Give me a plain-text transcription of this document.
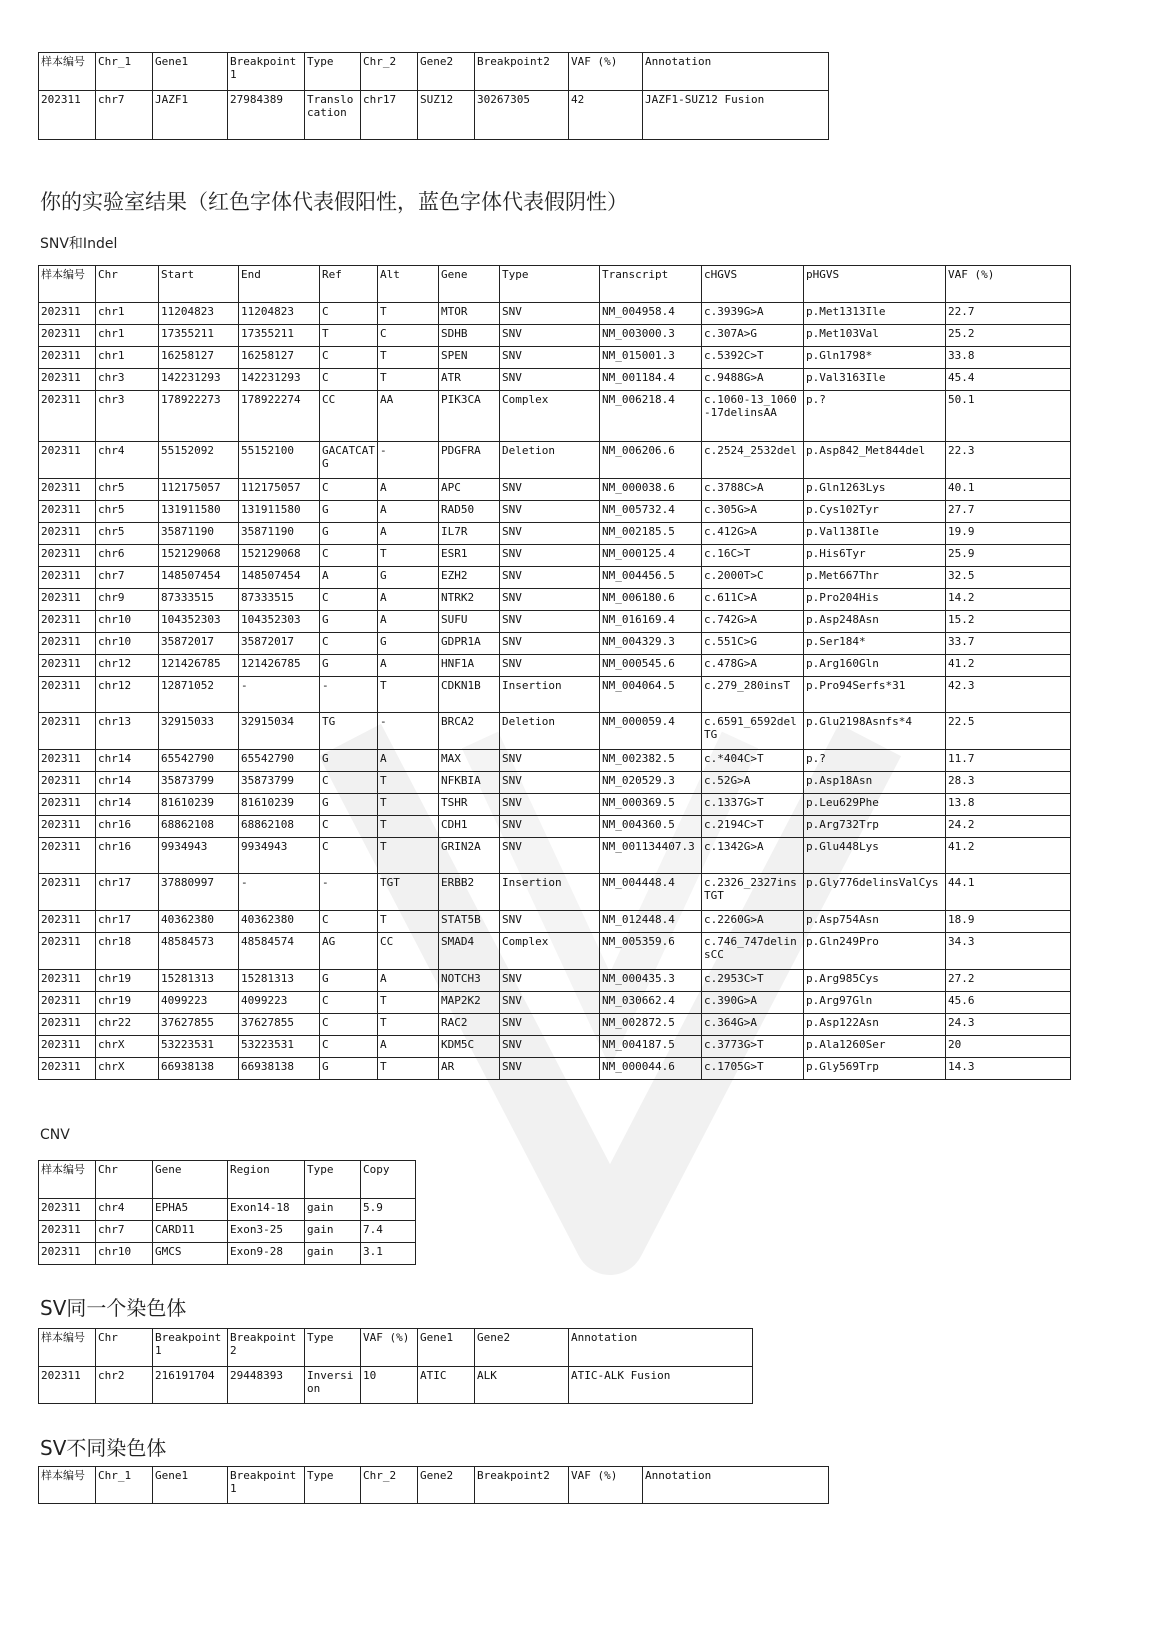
样本编号	Chr_1	Gene1	Breakpoint1	Type	Chr_2	Gene2	Breakpoint2	VAF (%)	Annotation
202311	chr7	JAZF1	27984389	Translocation	chr17	SUZ12	30267305	42	JAZF1-SUZ12 Fusion
你的实验室结果（红色字体代表假阳性，蓝色字体代表假阴性）
SNV和Indel
样本编号	Chr	Start	End	Ref	Alt	Gene	Type	Transcript	cHGVS	pHGVS	VAF (%)
202311	chr1	11204823	11204823	C	T	MTOR	SNV	NM_004958.4	c.3939G>A	p.Met1313Ile	22.7
202311	chr1	17355211	17355211	T	C	SDHB	SNV	NM_003000.3	c.307A>G	p.Met103Val	25.2
202311	chr1	16258127	16258127	C	T	SPEN	SNV	NM_015001.3	c.5392C>T	p.Gln1798*	33.8
202311	chr3	142231293	142231293	C	T	ATR	SNV	NM_001184.4	c.9488G>A	p.Val3163Ile	45.4
202311	chr3	178922273	178922274	CC	AA	PIK3CA	Complex	NM_006218.4	c.1060-13_1060-17delinsAA	p.?	50.1
202311	chr4	55152092	55152100	GACATCATG	-	PDGFRA	Deletion	NM_006206.6	c.2524_2532del	p.Asp842_Met844del	22.3
202311	chr5	112175057	112175057	C	A	APC	SNV	NM_000038.6	c.3788C>A	p.Gln1263Lys	40.1
202311	chr5	131911580	131911580	G	A	RAD50	SNV	NM_005732.4	c.305G>A	p.Cys102Tyr	27.7
202311	chr5	35871190	35871190	G	A	IL7R	SNV	NM_002185.5	c.412G>A	p.Val138Ile	19.9
202311	chr6	152129068	152129068	C	T	ESR1	SNV	NM_000125.4	c.16C>T	p.His6Tyr	25.9
202311	chr7	148507454	148507454	A	G	EZH2	SNV	NM_004456.5	c.2000T>C	p.Met667Thr	32.5
202311	chr9	87333515	87333515	C	A	NTRK2	SNV	NM_006180.6	c.611C>A	p.Pro204His	14.2
202311	chr10	104352303	104352303	G	A	SUFU	SNV	NM_016169.4	c.742G>A	p.Asp248Asn	15.2
202311	chr10	35872017	35872017	C	G	GDPR1A	SNV	NM_004329.3	c.551C>G	p.Ser184*	33.7
202311	chr12	121426785	121426785	G	A	HNF1A	SNV	NM_000545.6	c.478G>A	p.Arg160Gln	41.2
202311	chr12	12871052	-	-	T	CDKN1B	Insertion	NM_004064.5	c.279_280insT	p.Pro94Serfs*31	42.3
202311	chr13	32915033	32915034	TG	-	BRCA2	Deletion	NM_000059.4	c.6591_6592delTG	p.Glu2198Asnfs*4	22.5
202311	chr14	65542790	65542790	G	A	MAX	SNV	NM_002382.5	c.*404C>T	p.?	11.7
202311	chr14	35873799	35873799	C	T	NFKBIA	SNV	NM_020529.3	c.52G>A	p.Asp18Asn	28.3
202311	chr14	81610239	81610239	G	T	TSHR	SNV	NM_000369.5	c.1337G>T	p.Leu629Phe	13.8
202311	chr16	68862108	68862108	C	T	CDH1	SNV	NM_004360.5	c.2194C>T	p.Arg732Trp	24.2
202311	chr16	9934943	9934943	C	T	GRIN2A	SNV	NM_001134407.3	c.1342G>A	p.Glu448Lys	41.2
202311	chr17	37880997	-	-	TGT	ERBB2	Insertion	NM_004448.4	c.2326_2327insTGT	p.Gly776delinsValCys	44.1
202311	chr17	40362380	40362380	C	T	STAT5B	SNV	NM_012448.4	c.2260G>A	p.Asp754Asn	18.9
202311	chr18	48584573	48584574	AG	CC	SMAD4	Complex	NM_005359.6	c.746_747delinsCC	p.Gln249Pro	34.3
202311	chr19	15281313	15281313	G	A	NOTCH3	SNV	NM_000435.3	c.2953C>T	p.Arg985Cys	27.2
202311	chr19	4099223	4099223	C	T	MAP2K2	SNV	NM_030662.4	c.390G>A	p.Arg97Gln	45.6
202311	chr22	37627855	37627855	C	T	RAC2	SNV	NM_002872.5	c.364G>A	p.Asp122Asn	24.3
202311	chrX	53223531	53223531	C	A	KDM5C	SNV	NM_004187.5	c.3773G>T	p.Ala1260Ser	20
202311	chrX	66938138	66938138	G	T	AR	SNV	NM_000044.6	c.1705G>T	p.Gly569Trp	14.3
CNV
样本编号	Chr	Gene	Region	Type	Copy
202311	chr4	EPHA5	Exon14-18	gain	5.9
202311	chr7	CARD11	Exon3-25	gain	7.4
202311	chr10	GMCS	Exon9-28	gain	3.1
SV同一个染色体
样本编号	Chr	Breakpoint 1	Breakpoint 2	Type	VAF (%)	Gene1	Gene2	Annotation
202311	chr2	216191704	29448393	Inversion	10	ATIC	ALK	ATIC-ALK Fusion
SV不同染色体
样本编号	Chr_1	Gene1	Breakpoint1	Type	Chr_2	Gene2	Breakpoint2	VAF (%)	Annotation
